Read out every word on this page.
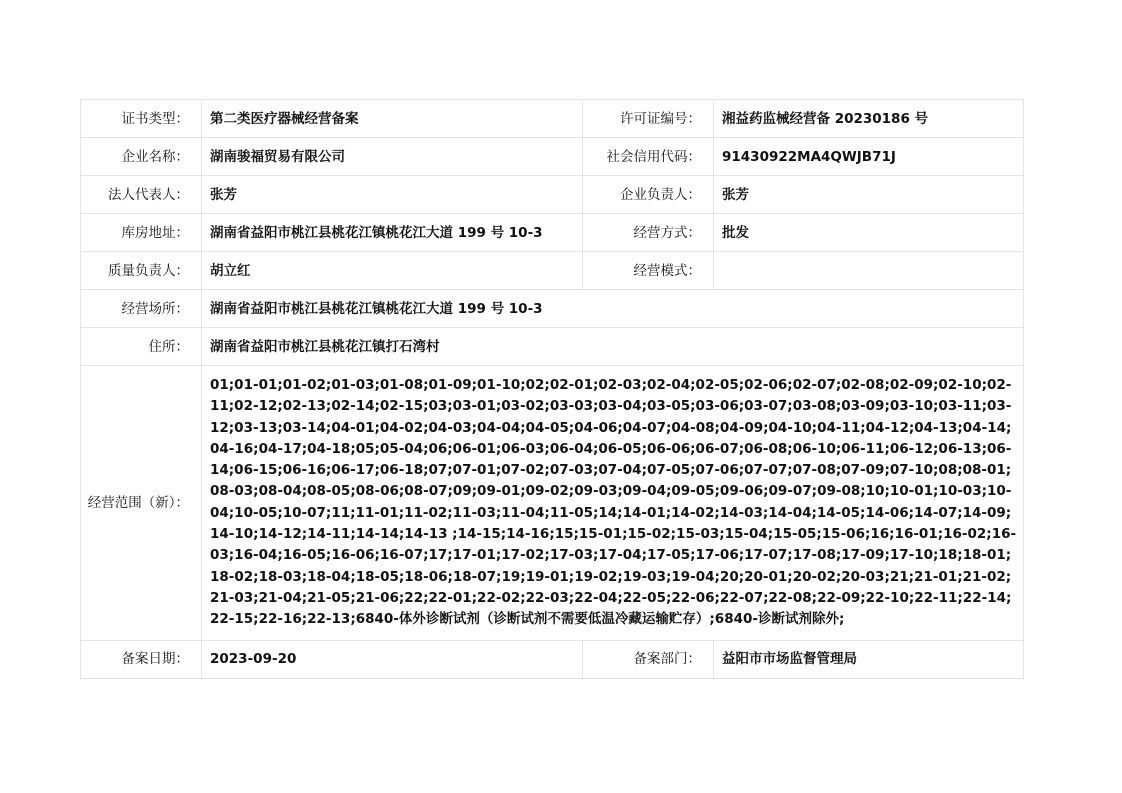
证书类型：	第二类医疗器械经营备案	许可证编号：	湘益药监械经营备 20230186 号
企业名称：	湖南骏福贸易有限公司	社会信用代码：	91430922MA4QWJB71J
法人代表人：	张芳	企业负责人：	张芳
库房地址：	湖南省益阳市桃江县桃花江镇桃花江大道 199 号 10-3	经营方式：	批发
质量负责人：	胡立红	经营模式：	
经营场所：	湖南省益阳市桃江县桃花江镇桃花江大道 199 号 10-3		
住所：	湖南省益阳市桃江县桃花江镇打石湾村		
经营范围（新）：	01;01-01;01-02;01-03;01-08;01-09;01-10;02;02-01;02-03;02-04;02-05;02-06;02-07;02-08;02-09;02-10;02-11;02-12;02-13;02-14;02-15;03;03-01;03-02;03-03;03-04;03-05;03-06;03-07;03-08;03-09;03-10;03-11;03-12;03-13;03-14;04-01;04-02;04-03;04-04;04-05;04-06;04-07;04-08;04-09;04-10;04-11;04-12;04-13;04-14;04-16;04-17;04-18;05;05-04;06;06-01;06-03;06-04;06-05;06-06;06-07;06-08;06-10;06-11;06-12;06-13;06-14;06-15;06-16;06-17;06-18;07;07-01;07-02;07-03;07-04;07-05;07-06;07-07;07-08;07-09;07-10;08;08-01;08-03;08-04;08-05;08-06;08-07;09;09-01;09-02;09-03;09-04;09-05;09-06;09-07;09-08;10;10-01;10-03;10-04;10-05;10-07;11;11-01;11-02;11-03;11-04;11-05;14;14-01;14-02;14-03;14-04;14-05;14-06;14-07;14-09;14-10;14-12;14-11;14-14;14-13 ;14-15;14-16;15;15-01;15-02;15-03;15-04;15-05;15-06;16;16-01;16-02;16-03;16-04;16-05;16-06;16-07;17;17-01;17-02;17-03;17-04;17-05;17-06;17-07;17-08;17-09;17-10;18;18-01;18-02;18-03;18-04;18-05;18-06;18-07;19;19-01;19-02;19-03;19-04;20;20-01;20-02;20-03;21;21-01;21-02;21-03;21-04;21-05;21-06;22;22-01;22-02;22-03;22-04;22-05;22-06;22-07;22-08;22-09;22-10;22-11;22-14;22-15;22-16;22-13;6840-体外诊断试剂（诊断试剂不需要低温冷藏运输贮存）;6840-诊断试剂除外;		
备案日期：	2023-09-20	备案部门：	益阳市市场监督管理局
